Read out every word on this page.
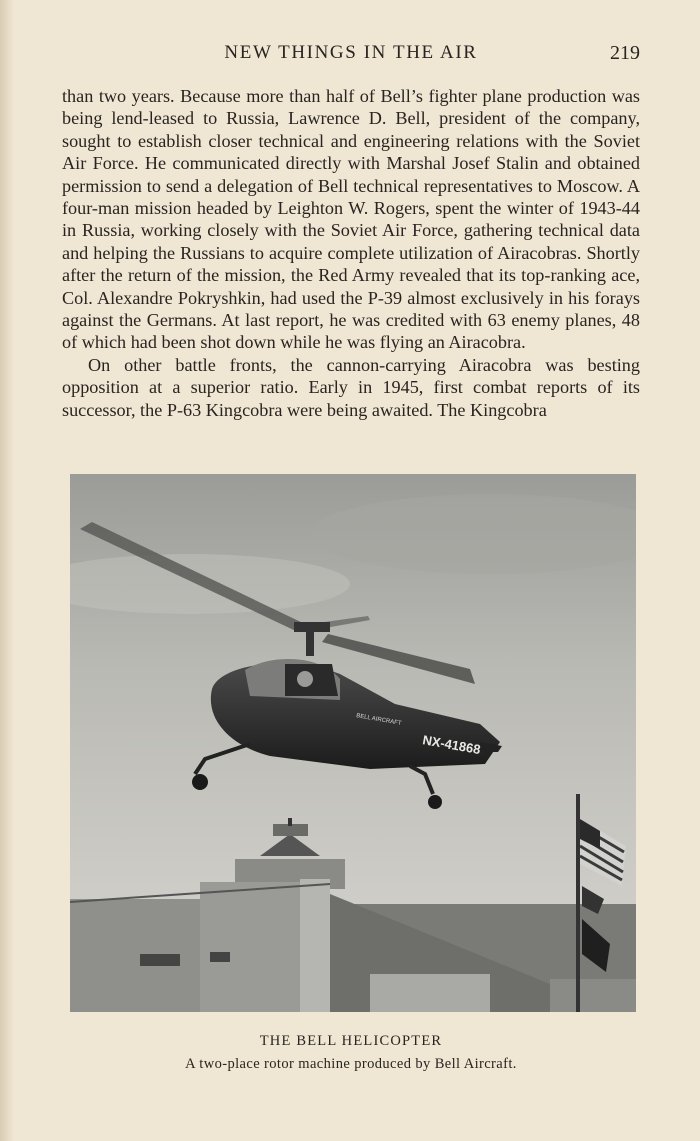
NEW THINGS IN THE AIR	219

than two years. Because more than half of Bell’s fighter plane production was being lend-leased to Russia, Lawrence D. Bell, president of the company, sought to establish closer technical and engineering relations with the Soviet Air Force. He communicated directly with Marshal Josef Stalin and obtained permission to send a delegation of Bell technical representatives to Moscow. A four-man mission headed by Leighton W. Rogers, spent the winter of 1943-44 in Russia, working closely with the Soviet Air Force, gathering technical data and helping the Russians to acquire complete utilization of Airacobras. Shortly after the return of the mission, the Red Army revealed that its top-ranking ace, Col. Alexandre Pokryshkin, had used the P-39 almost exclusively in his forays against the Germans. At last report, he was credited with 63 enemy planes, 48 of which had been shot down while he was flying an Airacobra.

On other battle fronts, the cannon-carrying Airacobra was besting opposition at a superior ratio. Early in 1945, first combat reports of its successor, the P-63 Kingcobra were being awaited. The Kingcobra

NX-41868
BELL AIRCRAFT
THE BELL HELICOPTER
A two-place rotor machine produced by Bell Aircraft.
